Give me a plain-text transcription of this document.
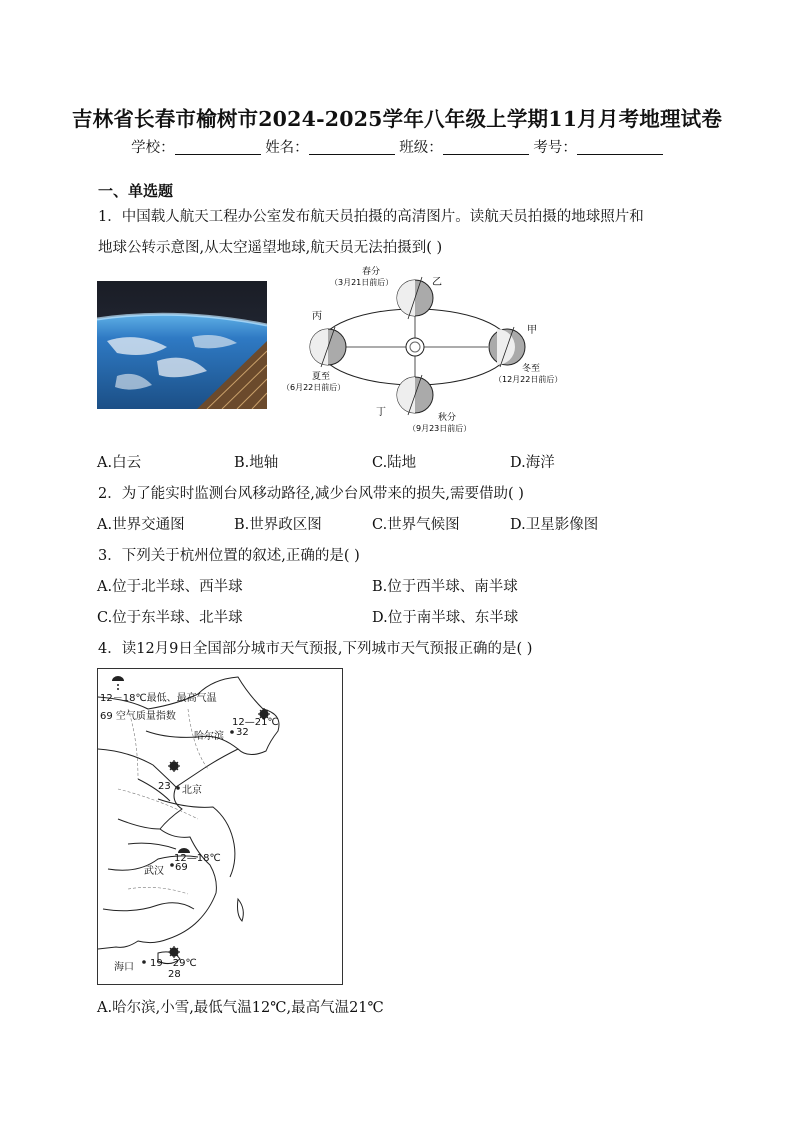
吉林省长春市榆树市2024-2025学年八年级上学期11月月考地理试卷
学校：	姓名：	班级：	考号：
一、单选题
1．中国载人航天工程办公室发布航天员拍摄的高清图片。读航天员拍摄的地球照片和
地球公转示意图,从太空遥望地球,航天员无法拍摄到( )
春分
（3月21日前后）	乙
丙
甲
夏至
（6月22日前后）
冬至
（12月22日前后）
丁	秋分
（9月23日前后）
A.白云	B.地轴	C.陆地	D.海洋
2．为了能实时监测台风移动路径,减少台风带来的损失,需要借助( )
A.世界交通图	B.世界政区图	C.世界气候图	D.卫星影像图
3．下列关于杭州位置的叙述,正确的是( )
A.位于北半球、西半球	B.位于西半球、南半球
C.位于东半球、北半球	D.位于南半球、东半球
4．读12月9日全国部分城市天气预报,下列城市天气预报正确的是( )
12－18℃最低、最高气温
69 空气质量指数
12—21℃
哈尔滨 32
23 北京
12—18℃
武汉 69
海口 19—29℃
28
A.哈尔滨,小雪,最低气温12℃,最高气温21℃
